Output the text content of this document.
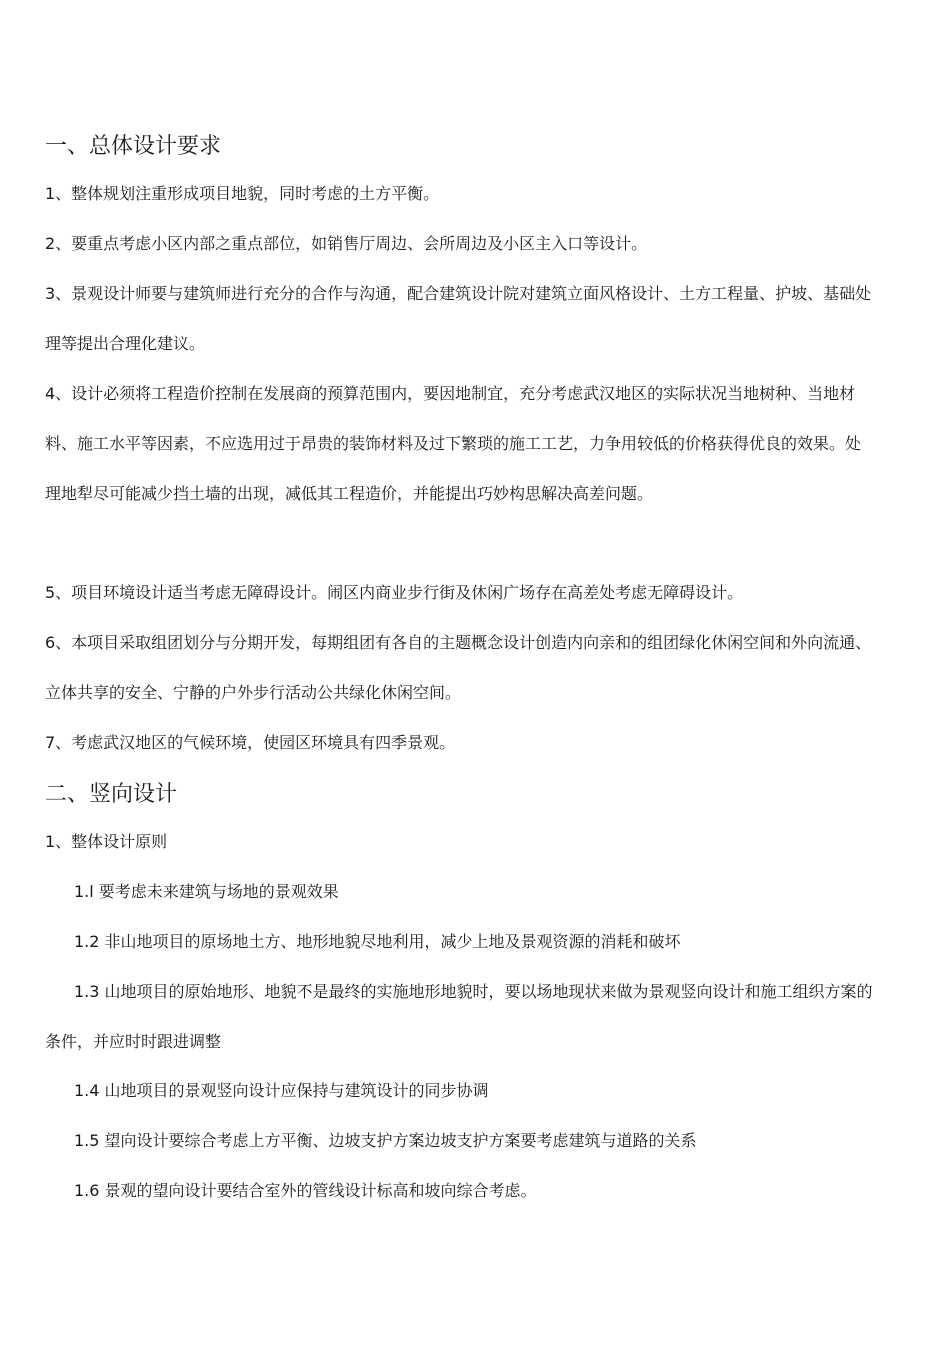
一、总体设计要求

1、整体规划注重形成项目地貌，同时考虑的土方平衡。

2、要重点考虑小区内部之重点部位，如销售厅周边、会所周边及小区主入口等设计。

3、景观设计师要与建筑师进行充分的合作与沟通，配合建筑设计院对建筑立面风格设计、土方工程量、护坡、基础处理等提出合理化建议。

4、设计必须将工程造价控制在发展商的预算范围内，要因地制宜，充分考虑武汉地区的实际状况当地树种、当地材料、施工水平等因素，不应选用过于昂贵的装饰材料及过下繁琐的施工工艺，力争用较低的价格获得优良的效果。处理地犁尽可能减少挡土墙的出现，减低其工程造价，并能提出巧妙构思解决高差问题。

5、项目环境设计适当考虑无障碍设计。闹区内商业步行街及休闲广场存在高差处考虑无障碍设计。

6、本项目采取组团划分与分期开发，每期组团有各自的主题概念设计创造内向亲和的组团绿化休闲空间和外向流通、立体共享的安全、宁静的户外步行活动公共绿化休闲空间。

7、考虑武汉地区的气候环境，使园区环境具有四季景观。

二、竖向设计

1、整体设计原则

1.l 要考虑未来建筑与场地的景观效果

1.2 非山地项目的原场地土方、地形地貌尽地利用，减少上地及景观资源的消耗和破坏

1.3 山地项目的原始地形、地貌不是最终的实施地形地貌时，要以场地现状来做为景观竖向设计和施工组织方案的条件，并应时时跟进调整

1.4 山地项目的景观竖向设计应保持与建筑设计的同步协调

1.5 望向设计要综合考虑上方平衡、边坡支护方案边坡支护方案要考虑建筑与道路的关系

1.6 景观的望向设计要结合室外的管线设计标高和坡向综合考虑。
